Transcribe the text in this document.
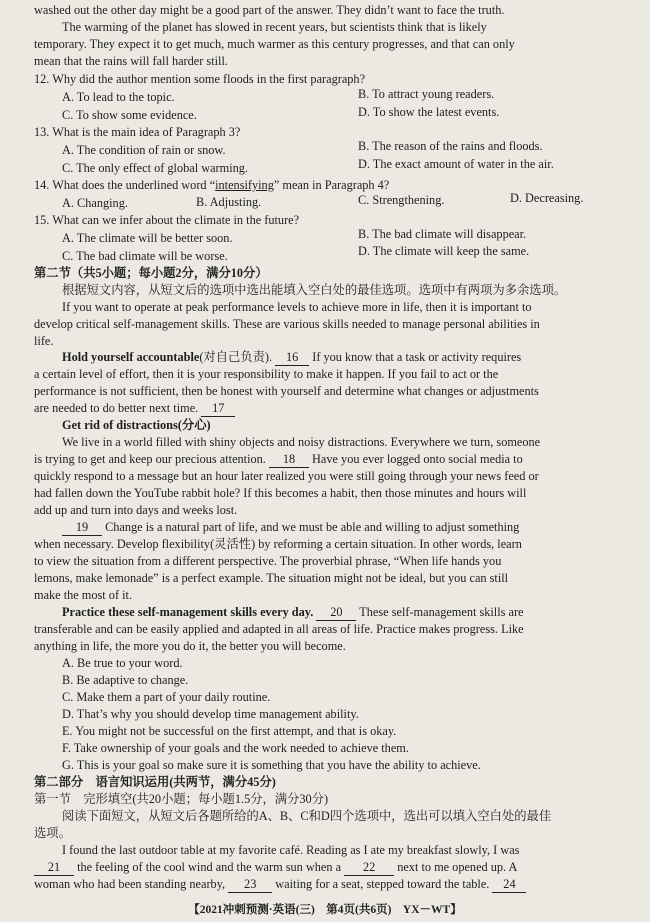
washed out the other day might be a good part of the answer. They didn’t want to face the truth.
The warming of the planet has slowed in recent years, but scientists think that is likely
temporary. They expect it to get much, much warmer as this century progresses, and that can only
mean that the rains will fall harder still.
12. Why did the author mention some floods in the first paragraph?
A. To lead to the topic.	B. To attract young readers.
C. To show some evidence.	D. To show the latest events.
13. What is the main idea of Paragraph 3?
A. The condition of rain or snow.	B. The reason of the rains and floods.
C. The only effect of global warming.	D. The exact amount of water in the air.
14. What does the underlined word “intensifying” mean in Paragraph 4?
A. Changing.	B. Adjusting.	C. Strengthening.	D. Decreasing.
15. What can we infer about the climate in the future?
A. The climate will be better soon.	B. The bad climate will disappear.
C. The bad climate will be worse.	D. The climate will keep the same.
第二节（共5小题；每小题2分，满分10分）
根据短文内容，从短文后的选项中选出能填入空白处的最佳选项。选项中有两项为多余选项。
If you want to operate at peak performance levels to achieve more in life, then it is important to
develop critical self-management skills. These are various skills needed to manage personal abilities in
life.
Hold yourself accountable(对自己负责). 16 If you know that a task or activity requires
a certain level of effort, then it is your responsibility to make it happen. If you fail to act or the
performance is not sufficient, then be honest with yourself and determine what changes or adjustments
are needed to do better next time. 17
Get rid of distractions(分心)
We live in a world filled with shiny objects and noisy distractions. Everywhere we turn, someone
is trying to get and keep our precious attention. 18 Have you ever logged onto social media to
quickly respond to a message but an hour later realized you were still going through your news feed or
had fallen down the YouTube rabbit hole? If this becomes a habit, then those minutes and hours will
add up and turn into days and weeks lost.
19 Change is a natural part of life, and we must be able and willing to adjust something
when necessary. Develop flexibility(灵活性) by reforming a certain situation. In other words, learn
to view the situation from a different perspective. The proverbial phrase, “When life hands you
lemons, make lemonade” is a perfect example. The situation might not be ideal, but you can still
make the most of it.
Practice these self-management skills every day. 20 These self-management skills are
transferable and can be easily applied and adapted in all areas of life. Practice makes progress. Like
anything in life, the more you do it, the better you will become.
A. Be true to your word.
B. Be adaptive to change.
C. Make them a part of your daily routine.
D. That’s why you should develop time management ability.
E. You might not be successful on the first attempt, and that is okay.
F. Take ownership of your goals and the work needed to achieve them.
G. This is your goal so make sure it is something that you have the ability to achieve.
第二部分　语言知识运用(共两节，满分45分)
第一节　完形填空(共20小题；每小题1.5分，满分30分)
阅读下面短文，从短文后各题所给的A、B、C和D四个选项中，选出可以填入空白处的最佳
选项。
I found the last outdoor table at my favorite café. Reading as I ate my breakfast slowly, I was
21 the feeling of the cool wind and the warm sun when a 22 next to me opened up. A
woman who had been standing nearby, 23 waiting for a seat, stepped toward the table. 24
【2021冲刺预测·英语(三)　第4页(共6页)　YX－WT】
